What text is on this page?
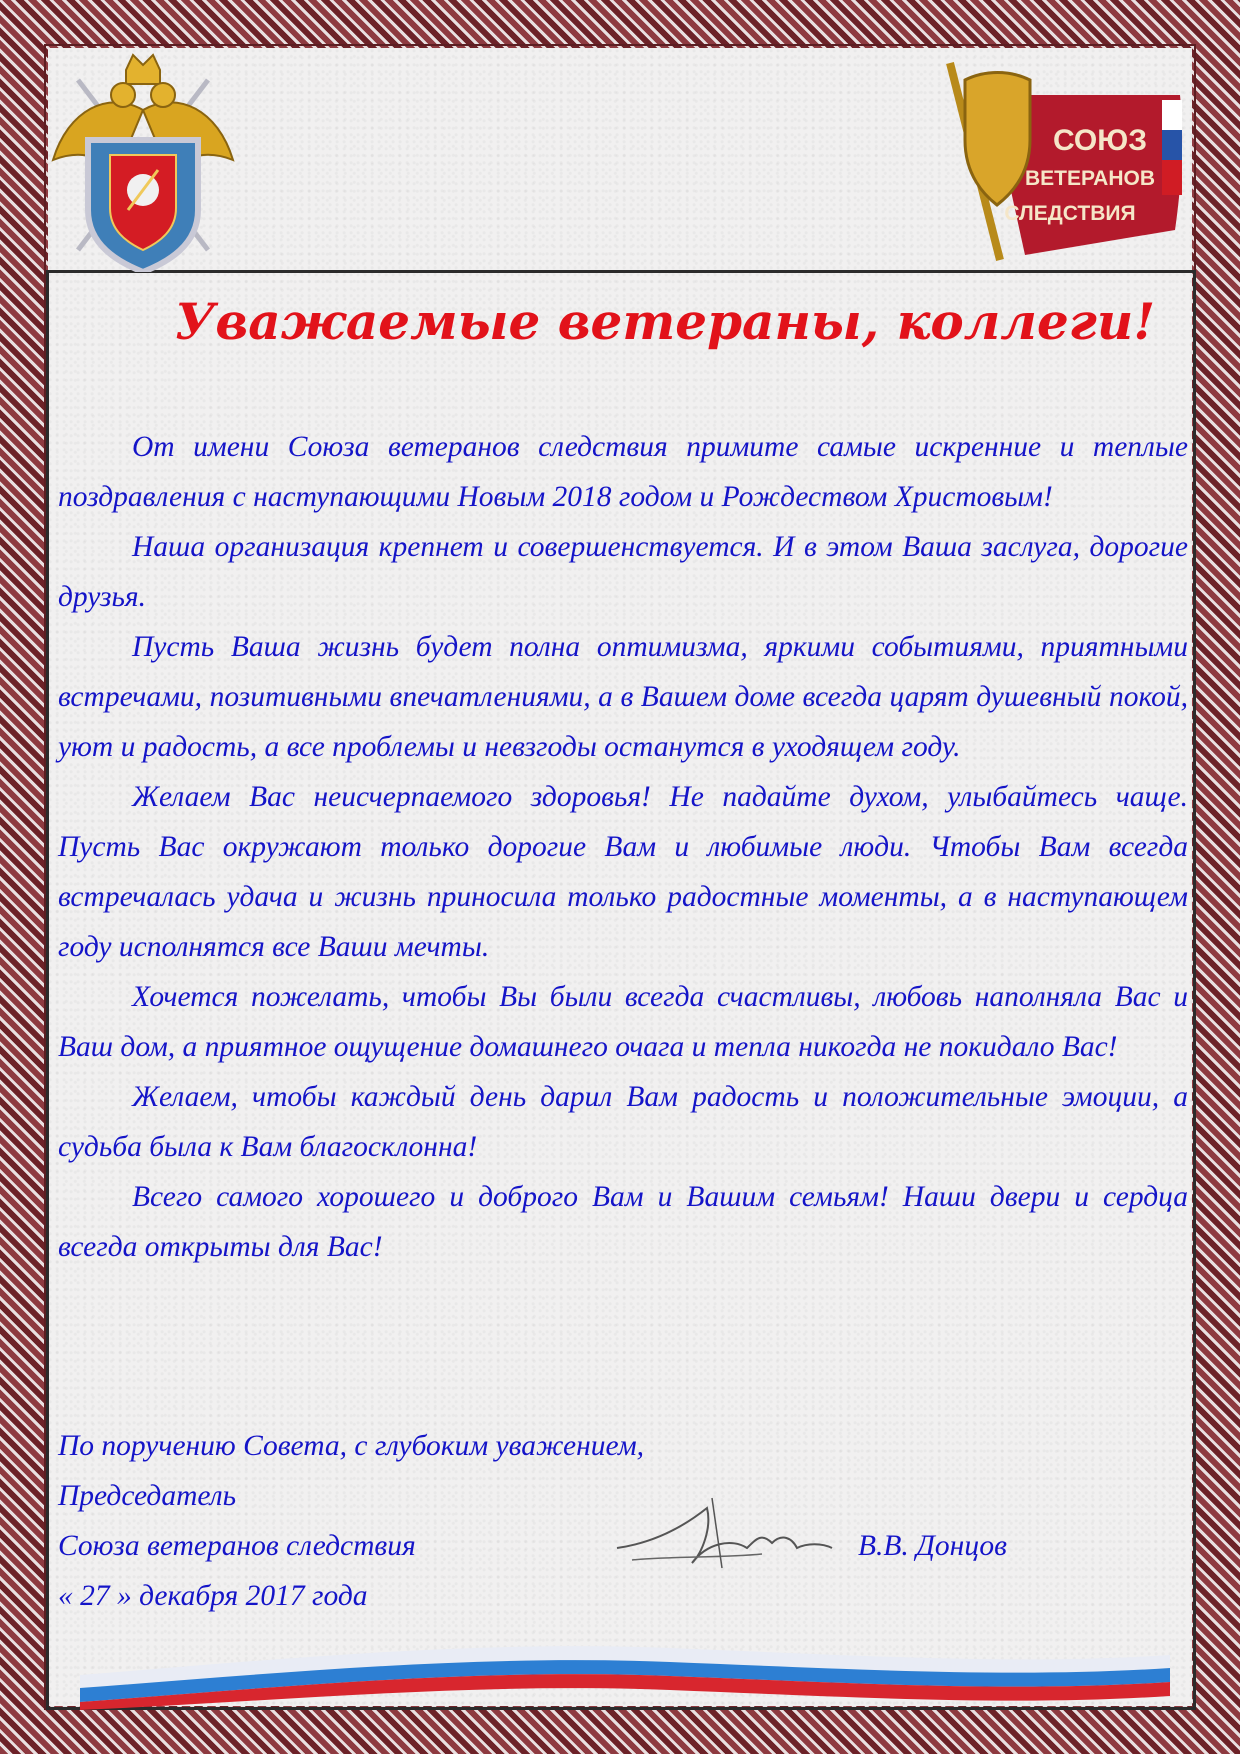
СОЮЗ
ВЕТЕРАНОВ
СЛЕДСТВИЯ
Уважаемые ветераны, коллеги!

От имени Союза ветеранов следствия примите самые искренние и теплые поздравления с наступающими Новым 2018 годом и Рождеством Христовым!

Наша организация крепнет и совершенствуется. И в этом Ваша заслуга, дорогие друзья.

Пусть Ваша жизнь будет полна оптимизма, яркими событиями, приятными встречами, позитивными впечатлениями, а в Вашем доме всегда царят душевный покой, уют и радость, а все проблемы и невзгоды останутся в уходящем году.

Желаем Вас неисчерпаемого здоровья! Не падайте духом, улыбайтесь чаще. Пусть Вас окружают только дорогие Вам и любимые люди. Чтобы Вам всегда встречалась удача и жизнь приносила только радостные моменты, а в наступающем году исполнятся все Ваши мечты.

Хочется пожелать, чтобы Вы были всегда счастливы, любовь наполняла Вас и Ваш дом, а приятное ощущение домашнего очага и тепла никогда не покидало Вас!

Желаем, чтобы каждый день дарил Вам радость и положительные эмоции, а судьба была к Вам благосклонна!

Всего самого хорошего и доброго Вам и Вашим семьям! Наши двери и сердца всегда открыты для Вас!

По поручению Совета, с глубоким уважением,
Председатель
Союза ветеранов следствия
« 27 » декабря 2017 года
В.В. Донцов
